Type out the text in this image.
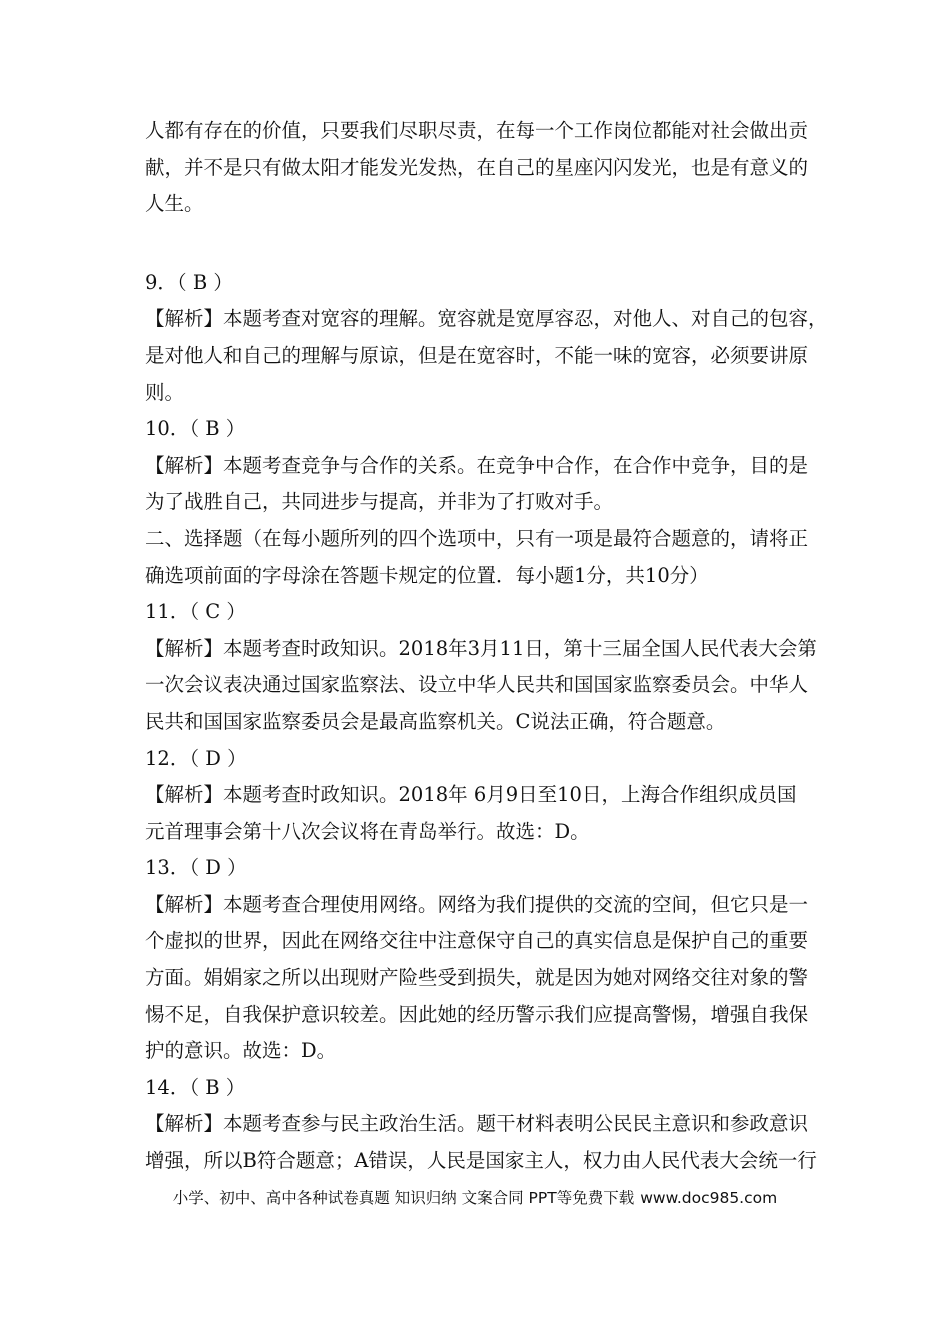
人都有存在的价值，只要我们尽职尽责，在每一个工作岗位都能对社会做出贡
献，并不是只有做太阳才能发光发热，在自己的星座闪闪发光，也是有意义的
人生。
9．（ B ）
【解析】本题考查对宽容的理解。宽容就是宽厚容忍，对他人、对自己的包容，
是对他人和自己的理解与原谅，但是在宽容时，不能一味的宽容，必须要讲原
则。
10．（ B ）
【解析】本题考查竞争与合作的关系。在竞争中合作，在合作中竞争，目的是
为了战胜自己，共同进步与提高，并非为了打败对手。
二、选择题（在每小题所列的四个选项中，只有一项是最符合题意的，请将正
确选项前面的字母涂在答题卡规定的位置．每小题1分，共10分）
11．（ C ）
【解析】本题考查时政知识。2018年3月11日，第十三届全国人民代表大会第
一次会议表决通过国家监察法、设立中华人民共和国国家监察委员会。中华人
民共和国国家监察委员会是最高监察机关。C说法正确，符合题意。
12．（ D ）
【解析】本题考查时政知识。2018年 6月9日至10日，上海合作组织成员国
元首理事会第十八次会议将在青岛举行。故选：D。
13．（ D ）
【解析】本题考查合理使用网络。网络为我们提供的交流的空间，但它只是一
个虚拟的世界，因此在网络交往中注意保守自己的真实信息是保护自己的重要
方面。娟娟家之所以出现财产险些受到损失，就是因为她对网络交往对象的警
惕不足，自我保护意识较差。因此她的经历警示我们应提高警惕，增强自我保
护的意识。故选：D。
14．（ B ）
【解析】本题考查参与民主政治生活。题干材料表明公民民主意识和参政意识
增强，所以B符合题意；A错误，人民是国家主人，权力由人民代表大会统一行
小学、初中、高中各种试卷真题 知识归纳 文案合同 PPT等免费下载 www.doc985.com
